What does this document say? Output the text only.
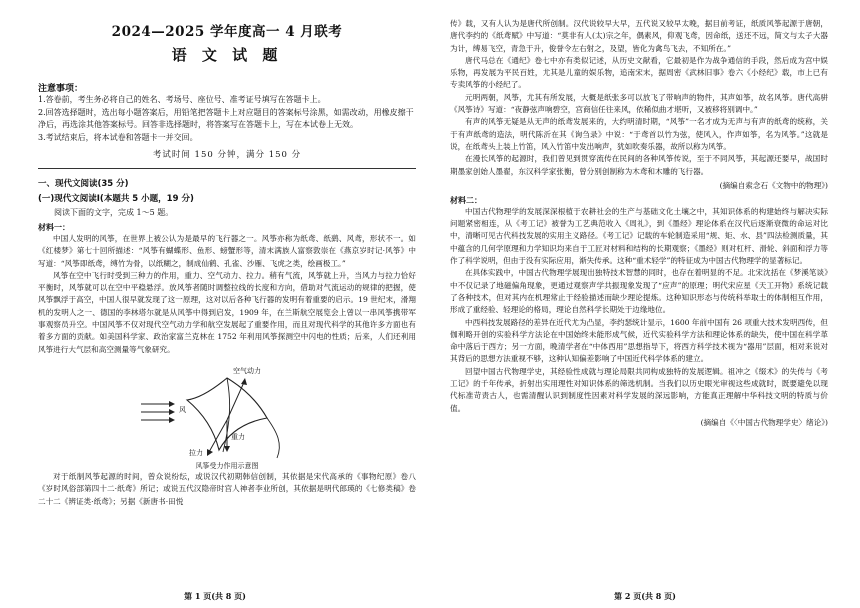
2024—2025 学年度高一 4 月联考
语 文 试 题
注意事项：

1.答卷前，考生务必将自己的姓名、考场号、座位号、准考证号填写在答题卡上。

2.回答选择题时，选出每小题答案后，用铅笔把答题卡上对应题目的答案标号涂黑，如需改动，用橡皮擦干净后，再选涂其他答案标号。回答非选择题时，将答案写在答题卡上，写在本试卷上无效。

3.考试结束后，将本试卷和答题卡一并交回。

考试时间 150 分钟，满分 150 分
一、现代文阅读(35 分)
(一)现代文阅读Ⅰ(本题共 5 小题，19 分)
阅读下面的文字，完成 1～5 题。
材料一：

中国人发明的风筝，在世界上被公认为是最早的飞行器之一。风筝亦称为纸鸢、纸鹞、风鸢，形状不一。如《红楼梦》第七十回所描述：“风筝有蝴蝶形、鱼形、螃蟹形等，清末满族人富察敦崇在《燕京岁时记·风筝》中写道：“风筝即纸鸢，缚竹为骨，以纸糊之，制成仙鹤、孔雀、沙雁、飞虎之类，绘画极工。”

风筝在空中飞行时受到三种力的作用，重力、空气动力、拉力。稍有气流，风筝就上升，当风力与拉力恰好平衡时，风筝就可以在空中平稳悬浮。放风筝者随时调整拉线的长度和方向，借助对气流运动的规律的把握，使风筝飘浮于高空，中国人很早就发现了这一原理，这对以后各种飞行器的发明有着重要的启示。19 世纪末，滑翔机的发明人之一、德国的李林塔尔就是从风筝中得到启发，1909 年，在兰斯航空展览会上曾以一串风筝携带军事观察员升空。中国风筝不仅对现代空气动力学和航空发展起了重要作用，而且对现代科学的其他许多方面也有着多方面的贡献。如美国科学家、政治家富兰克林在 1752 年利用风筝探测空中闪电的性质；后来，人们还利用风筝进行大气层和高空测量等气象研究。

空气动力
风
重力
拉力
风筝受力作用示意图

对于纸制风筝起源的时间，曾众说纷纭，或说汉代初期韩信创制，其依据是宋代高承的《事物纪原》卷八《岁时风俗部第四十二·纸鸢》所记；或说五代汉隐帝时宫人神者李业所创，其依据是明代郎瑛的《七修类稿》卷二十二《辨证类·纸鸢》；另据《新唐书·田悦

第 1 页(共 8 页)

传》载，又有人认为是唐代所创制。汉代说较早大早，五代说又较早太晚，据目前考证，纸质风筝起源于唐朝，唐代李约的《纸鸢赋》中写道：“莫非有人(太)宗之年，偶素风，仰观飞鸢，因命纸，送还不远，简文与太子大器为计，缚易飞空，青急于升，俊誉令左右射之，及望，皆化为禽鸟飞去，不知所在。”

唐代马总在《通纪》卷七中亦有类似记述，从历史文献看，它最初是作为战争通信的手段，然后成为宫中娱乐物，再发展为平民百姓，尤其是儿童的娱乐物，追南宋末，据周密《武林旧事》卷六《小经纪》载，市上已有专卖风筝的小经纪了。

元明两朝，风筝，尤其有所发展，大概是纸张多可以放飞了带响声的物件，其声如筝，故名风筝。唐代高骈《风筝诗》写道：“夜静弦声响碧空，宫商信任往来风，依稀似曲才堪听，又被移将别调中。”

有声的风筝无疑是从无声的纸鸢发展来的，大约明清时期，“风筝”一名才成为无声与有声的纸鸢的统称，关于有声纸鸢的造法，明代陈沂在其《询刍录》中说：“于鸢首以竹为弦，使风入，作声如筝，名为风筝。”这就是说，在纸鸢头上装上竹笛，风入竹笛中发出响声，犹如吹奏乐器，故所以称为风筝。

在漫长风筝的起源时，我们曾见到贯穿流传在民间的各种风筝传说，至于不同风筝，其起源还要早，战国时期墨家创始人墨翟，东汉科学家张衡，曾分别创制称为木鸢和木雕的飞行器。

(摘编自索念石《文物中的物理》)
材料二：

中国古代物理学的发展深深根植于农耕社会的生产与基础文化土壤之中，其知识体系的构建始终与解决实际问题紧密相连，从《考工记》被誉为工艺典范收入《周礼》，到《墨经》理论体系在汉代后逐渐衰微的命运对比中，清晰可见古代科技发展的实用主义路径。《考工记》记载的车轮制造采用“规、矩、水、县”四法检测质量，其中蕴含的几何学原理和力学知识均来自于工匠对材料和结构的长期观察；《墨经》则对杠杆、滑轮、斜面和浮力等作了科学说明，但由于没有实际应用，渐失传承。这种“重术轻学”的特征成为中国古代物理学的显著标记。

在具体实践中，中国古代物理学展现出独特技术智慧的同时，也存在着明显的不足。北宋沈括在《梦溪笔谈》中不仅记录了地磁偏角现象，更通过观察声学共振现象发现了“应声”的原理；明代宋应星《天工开物》系统记载了各种技术，但对其内在机理常止于经验描述而缺少理论提炼。这种知识形态与传统科举取士的体制相互作用，形成了重经验、轻理论的格局，理论自然科学长期处于边缘地位。

中西科技发展路径的差异在近代尤为凸显，李约瑟统计显示，1600 年前中国有 26 项重大技术发明西传，但伽利略开创的实验科学方法论在中国始终未能形成气候，近代实验科学方法和理论体系的缺失，使中国在科学革命中落后于西方；另一方面，晚清学者在“中体西用”思想指导下，将西方科学技术视为“器用”层面，相对来说对其背后的思想方法重视不够，这种认知偏差影响了中国近代科学体系的建立。

回望中国古代物理学史，其经验性成就与理论局限共同构成独特的发展逻辑。祖冲之《缀术》的失传与《考工记》的千年传承，折射出实用理性对知识体系的筛选机制。当我们以历史眼光审视这些成就时，既要避免以现代标准苛责古人，也需清醒认识到制度性因素对科学发展的深远影响，方能真正理解中华科技文明的特质与价值。

(摘编自《〈中国古代物理学史〉绪论》)
第 2 页(共 8 页)
